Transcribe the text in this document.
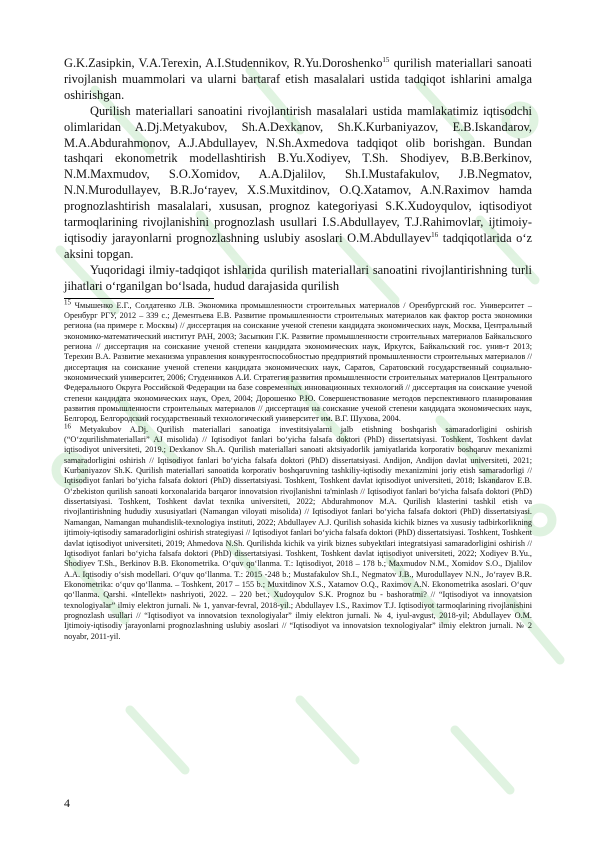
G.K.Zasipkin, V.A.Terexin, A.I.Studennikov, R.Yu.Doroshenko$^{15}$ qurilish materiallari sanoati rivojlanish muammolari va ularni bartaraf etish masalalari ustida tadqiqot ishlarini amalga oshirishgan.

Qurilish materiallari sanoatini rivojlantirish masalalari ustida mamlakatimiz iqtisodchi olimlaridan A.Dj.Metyakubov, Sh.A.Dexkanov, Sh.K.Kurbaniyazov, E.B.Iskandarov, M.A.Abdurahmonov, A.J.Abdullayev, N.Sh.Axmedova tadqiqot olib borishgan. Bundan tashqari ekonometrik modellashtirish B.Yu.Xodiyev, T.Sh. Shodiyev, B.B.Berkinov, N.M.Maxmudov, S.O.Xomidov, A.A.Djalilov, Sh.I.Mustafakulov, J.B.Negmatov, N.N.Murodullayev, B.R.Jo‘rayev, X.S.Muxitdinov, O.Q.Xatamov, A.N.Raximov hamda prognozlashtirish masalalari, xususan, prognoz kategoriyasi S.K.Xudoyqulov, iqtisodiyot tarmoqlarining rivojlanishini prognozlash usullari I.S.Abdullayev, T.J.Rahimovlar, ijtimoiy-iqtisodiy jarayonlarni prognozlashning uslubiy asoslari O.M.Abdullayev$^{16}$ tadqiqotlarida o‘z aksini topgan.

Yuqoridagi ilmiy-tadqiqot ishlarida qurilish materiallari sanoatini rivojlantirishning turli jihatlari o‘rganilgan bo‘lsada, hudud darajasida qurilish

$^{15}$ Чмышенко Е.Г., Солдатенко Л.В. Экономика промышленности строительных материалов / Оренбургский гос. Университет – Оренбург РГУ, 2012 – 339 с.; Дементьева Е.В. Развитие промышленности строительных материалов как фактор роста экономики региона (на примере г. Москвы) // диссертация на соискание ученой степени кандидата экономических наук, Москва, Центральный экономико-математический институт РАН, 2003; Засыпкин Г.К. Развитие промышленности строительных материалов Байкальского региона // диссертация на соискание ученой степени кандидата экономических наук, Иркутск, Байкальский гос. унив-т 2013; Терехин В.А. Развитие механизма управления конкурентоспособностью предприятий промышленности строительных материалов // диссертация на соискание ученой степени кандидата экономических наук, Саратов, Саратовский государственный социально-экономический университет, 2006; Студенников А.И. Стратегия развития промышленности строительных материалов Центрального Федерального Округа Российской Федерации на базе современных инновационных технологий // диссертация на соискание ученой степени кандидата экономических наук, Орел, 2004; Дорошенко Р.Ю. Совершенствование методов перспективного планирования развития промышленности строительных материалов // диссертация на соискание ученой степени кандидата экономических наук, Белгород, Белгородский государственный технологический университет им. В.Г. Шухова, 2004.

$^{16}$ Metyakubov A.Dj. Qurilish materiallari sanoatiga investitsiyalarni jalb etishning boshqarish samaradorligini oshirish (“O‘zqurilishmateriallari” AJ misolida) // Iqtisodiyot fanlari bo‘yicha falsafa doktori (PhD) dissertatsiyasi. Toshkent, Toshkent davlat iqtisodiyot universiteti, 2019.; Dexkanov Sh.A. Qurilish materiallari sanoati aktsiyadorlik jamiyatlarida korporativ boshqaruv mexanizmi samaradorligini oshirish // Iqtisodiyot fanlari bo‘yicha falsafa doktori (PhD) dissertatsiyasi. Andijon, Andijon davlat universiteti, 2021; Kurbaniyazov Sh.K. Qurilish materiallari sanoatida korporativ boshqaruvning tashkiliy-iqtisodiy mexanizmini joriy etish samaradorligi // Iqtisodiyot fanlari bo‘yicha falsafa doktori (PhD) dissertatsiyasi. Toshkent, Toshkent davlat iqtisodiyot universiteti, 2018; Iskandarov E.B. O‘zbekiston qurilish sanoati korxonalarida barqaror innovatsion rivojlanishni ta'minlash // Iqtisodiyot fanlari bo‘yicha falsafa doktori (PhD) dissertatsiyasi. Toshkent, Toshkent davlat texnika universiteti, 2022; Abdurahmonov M.A. Qurilish klasterini tashkil etish va rivojlantirishning hududiy xususiyatlari (Namangan viloyati misolida) // Iqtisodiyot fanlari bo‘yicha falsafa doktori (PhD) dissertatsiyasi. Namangan, Namangan muhandislik-texnologiya instituti, 2022; Abdullayev A.J. Qurilish sohasida kichik biznes va xususiy tadbirkorlikning ijtimoiy-iqtisodiy samaradorligini oshirish strategiyasi // Iqtisodiyot fanlari bo‘yicha falsafa doktori (PhD) dissertatsiyasi. Toshkent, Toshkent davlat iqtisodiyot universiteti, 2019; Ahmedova N.Sh. Qurilishda kichik va yirik biznes subyektlari integratsiyasi samaradorligini oshirish // Iqtisodiyot fanlari bo‘yicha falsafa doktori (PhD) dissertatsiyasi. Toshkent, Toshkent davlat iqtisodiyot universiteti, 2022; Xodiyev B.Yu., Shodiyev T.Sh., Berkinov B.B. Ekonometrika. O‘quv qo‘llanma. T.: Iqtisodiyot, 2018 – 178 b.; Maxmudov N.M., Xomidov S.O., Djalilov A.A. Iqtisodiy o‘sish modellari. O‘quv qo‘llanma. T.: 2015 -248 b.; Mustafakulov Sh.I., Negmatov J.B., Murodullayev N.N., Jo‘rayev B.R. Ekonometrika: o‘quv qo‘llanma. – Toshkent, 2017 – 155 b.; Muxitdinov X.S., Xatamov O.Q., Raximov A.N. Ekonometrika asoslari. O‘quv qo‘llanma. Qarshi. «Intellekt» nashriyoti, 2022. – 220 bet.; Xudoyqulov S.K. Prognoz bu - bashoratmi? // “Iqtisodiyot va innovatsion texnologiyalar” ilmiy elektron jurnali. № 1, yanvar-fevral, 2018-yil.; Abdullayev I.S., Raximov T.J. Iqtisodiyot tarmoqlarining rivojlanishini prognozlash usullari // “Iqtisodiyot va innovatsion texnologiyalar” ilmiy elektron jurnali. № 4, iyul-avgust, 2018-yil; Abdullayev O.M. Ijtimoiy-iqtisodiy jarayonlarni prognozlashning uslubiy asoslari // “Iqtisodiyot va innovatsion texnologiyalar” ilmiy elektron jurnali. № 2 noyabr, 2011-yil.

4
